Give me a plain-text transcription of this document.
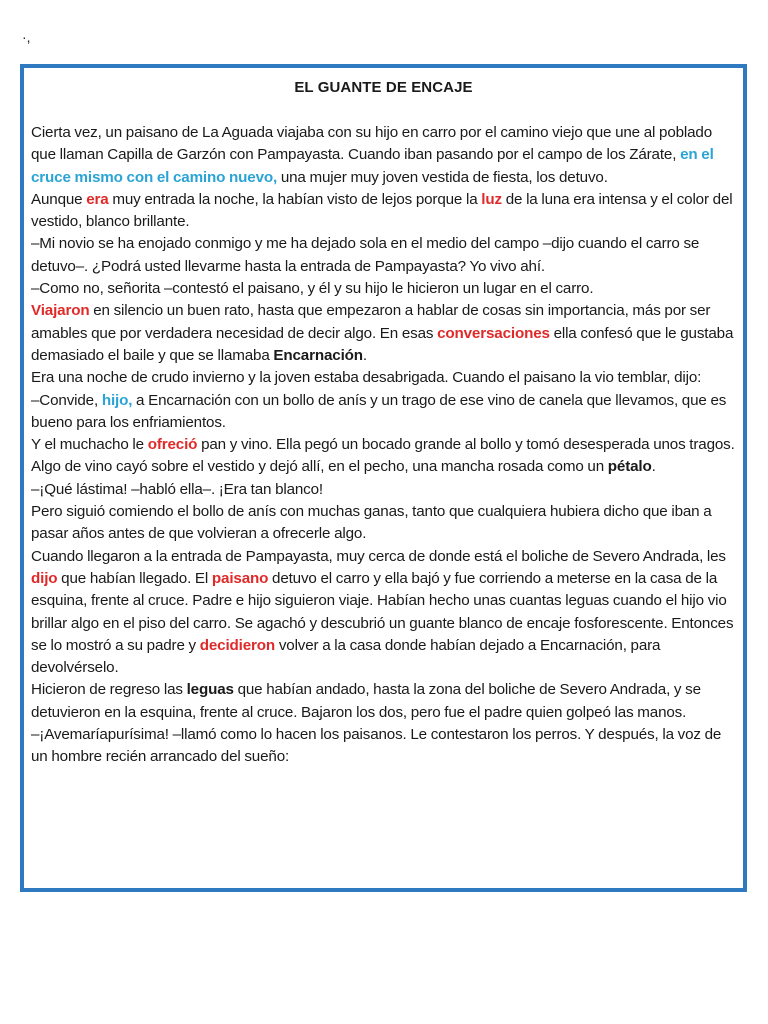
·,
EL GUANTE DE ENCAJE

Cierta vez, un paisano de La Aguada viajaba con su hijo en carro por el camino viejo que une al poblado que llaman Capilla de Garzón con Pampayasta. Cuando iban pasando por el campo de los Zárate, en el cruce mismo con el camino nuevo, una mujer muy joven vestida de fiesta, los detuvo.

Aunque era muy entrada la noche, la habían visto de lejos porque la luz de la luna era intensa y el color del vestido, blanco brillante.

–Mi novio se ha enojado conmigo y me ha dejado sola en el medio del campo –dijo cuando el carro se detuvo–. ¿Podrá usted llevarme hasta la entrada de Pampayasta? Yo vivo ahí.

–Como no, señorita –contestó el paisano, y él y su hijo le hicieron un lugar en el carro.

Viajaron en silencio un buen rato, hasta que empezaron a hablar de cosas sin importancia, más por ser amables que por verdadera necesidad de decir algo. En esas conversaciones ella confesó que le gustaba demasiado el baile y que se llamaba Encarnación.

Era una noche de crudo invierno y la joven estaba desabrigada. Cuando el paisano la vio temblar, dijo:

–Convide, hijo, a Encarnación con un bollo de anís y un trago de ese vino de canela que llevamos, que es bueno para los enfriamientos.

Y el muchacho le ofreció pan y vino. Ella pegó un bocado grande al bollo y tomó desesperada unos tragos. Algo de vino cayó sobre el vestido y dejó allí, en el pecho, una mancha rosada como un pétalo.

–¡Qué lástima! –habló ella–. ¡Era tan blanco!

Pero siguió comiendo el bollo de anís con muchas ganas, tanto que cualquiera hubiera dicho que iban a pasar años antes de que volvieran a ofrecerle algo.

Cuando llegaron a la entrada de Pampayasta, muy cerca de donde está el boliche de Severo Andrada, les dijo que habían llegado. El paisano detuvo el carro y ella bajó y fue corriendo a meterse en la casa de la esquina, frente al cruce. Padre e hijo siguieron viaje. Habían hecho unas cuantas leguas cuando el hijo vio brillar algo en el piso del carro. Se agachó y descubrió un guante blanco de encaje fosforescente. Entonces se lo mostró a su padre y decidieron volver a la casa donde habían dejado a Encarnación, para devolvérselo.

Hicieron de regreso las leguas que habían andado, hasta la zona del boliche de Severo Andrada, y se detuvieron en la esquina, frente al cruce. Bajaron los dos, pero fue el padre quien golpeó las manos.

–¡Avemaríapurísima! –llamó como lo hacen los paisanos. Le contestaron los perros. Y después, la voz de un hombre recién arrancado del sueño:
